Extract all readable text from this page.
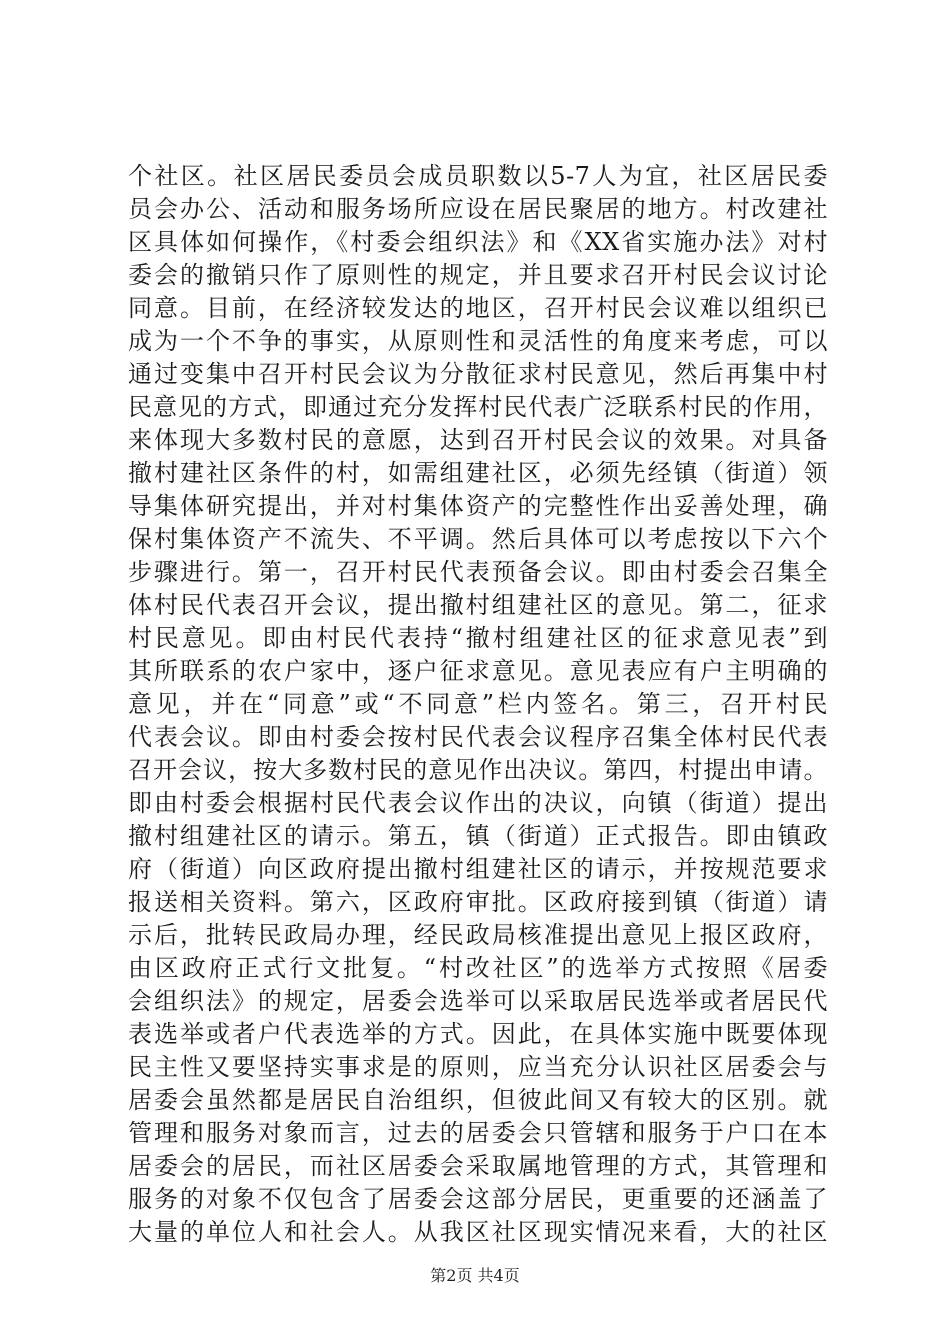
个社区。社区居民委员会成员职数以5-7人为宜，社区居民委
员会办公、活动和服务场所应设在居民聚居的地方。村改建社
区具体如何操作，《村委会组织法》和《XX省实施办法》对村
委会的撤销只作了原则性的规定，并且要求召开村民会议讨论
同意。目前，在经济较发达的地区，召开村民会议难以组织已
成为一个不争的事实，从原则性和灵活性的角度来考虑，可以
通过变集中召开村民会议为分散征求村民意见，然后再集中村
民意见的方式，即通过充分发挥村民代表广泛联系村民的作用，
来体现大多数村民的意愿，达到召开村民会议的效果。对具备
撤村建社区条件的村，如需组建社区，必须先经镇（街道）领
导集体研究提出，并对村集体资产的完整性作出妥善处理，确
保村集体资产不流失、不平调。然后具体可以考虑按以下六个
步骤进行。第一，召开村民代表预备会议。即由村委会召集全
体村民代表召开会议，提出撤村组建社区的意见。第二，征求
村民意见。即由村民代表持“撤村组建社区的征求意见表”到
其所联系的农户家中，逐户征求意见。意见表应有户主明确的
意见，并在“同意”或“不同意”栏内签名。第三，召开村民
代表会议。即由村委会按村民代表会议程序召集全体村民代表
召开会议，按大多数村民的意见作出决议。第四，村提出申请。
即由村委会根据村民代表会议作出的决议，向镇（街道）提出
撤村组建社区的请示。第五，镇（街道）正式报告。即由镇政
府（街道）向区政府提出撤村组建社区的请示，并按规范要求
报送相关资料。第六，区政府审批。区政府接到镇（街道）请
示后，批转民政局办理，经民政局核准提出意见上报区政府，
由区政府正式行文批复。“村改社区”的选举方式按照《居委
会组织法》的规定，居委会选举可以采取居民选举或者居民代
表选举或者户代表选举的方式。因此，在具体实施中既要体现
民主性又要坚持实事求是的原则，应当充分认识社区居委会与
居委会虽然都是居民自治组织，但彼此间又有较大的区别。就
管理和服务对象而言，过去的居委会只管辖和服务于户口在本
居委会的居民，而社区居委会采取属地管理的方式，其管理和
服务的对象不仅包含了居委会这部分居民，更重要的还涵盖了
大量的单位人和社会人。从我区社区现实情况来看，大的社区
第2页 共4页
